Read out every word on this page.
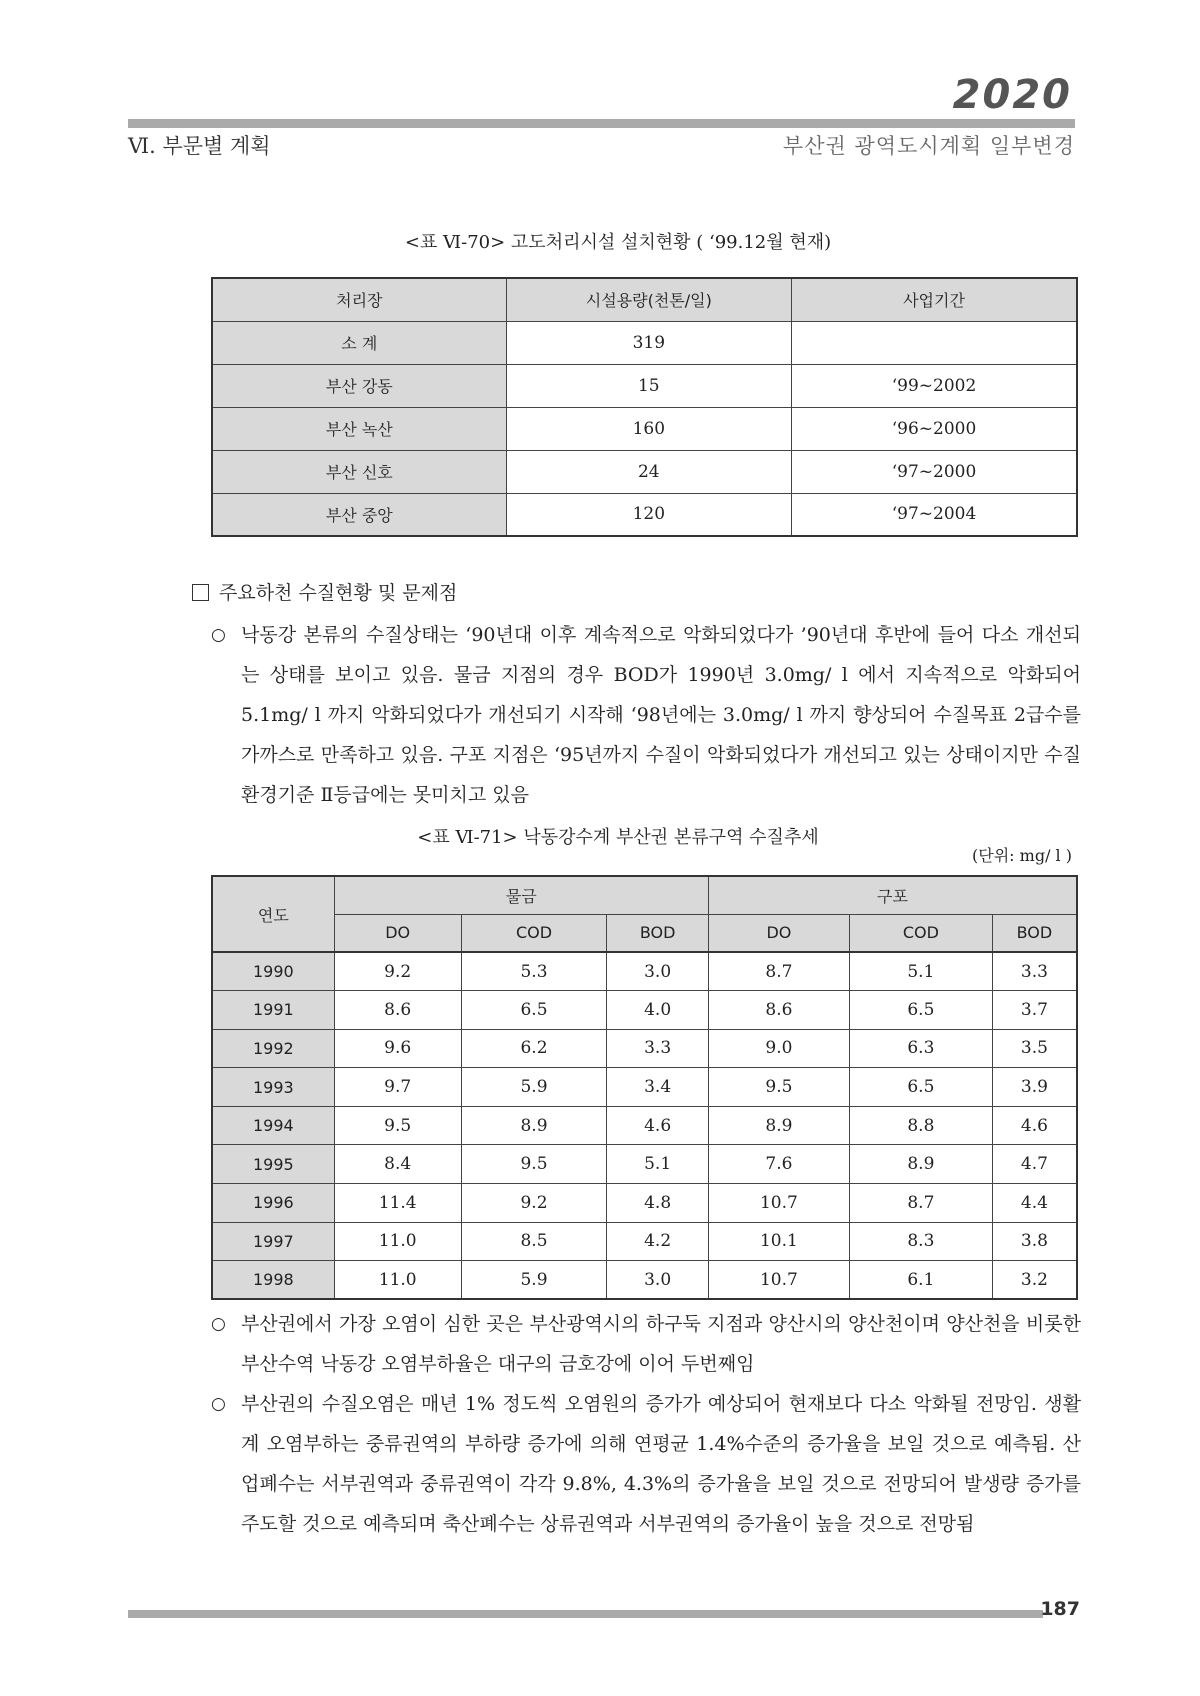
2020
Ⅵ. 부문별 계획	부산권 광역도시계획 일부변경
<표 Ⅵ-70> 고도처리시설 설치현황 ( ‘99.12월 현재)
처리장	시설용량(천톤/일)	사업기간
소 계	319	
부산 강동	15	‘99~2002
부산 녹산	160	‘96~2000
부산 신호	24	‘97~2000
부산 중앙	120	‘97~2004
주요하천 수질현황 및 문제점
○ 낙동강 본류의 수질상태는 ‘90년대 이후 계속적으로 악화되었다가 ’90년대 후반에 들어 다소 개선되는 상태를 보이고 있음. 물금 지점의 경우 BOD가 1990년 3.0mg/ l 에서 지속적으로 악화되어 5.1mg/ l 까지 악화되었다가 개선되기 시작해 ‘98년에는 3.0mg/ l 까지 향상되어 수질목표 2급수를 가까스로 만족하고 있음. 구포 지점은 ‘95년까지 수질이 악화되었다가 개선되고 있는 상태이지만 수질환경기준 Ⅱ등급에는 못미치고 있음
<표 Ⅵ-71> 낙동강수계 부산권 본류구역 수질추세
(단위: mg/ l )
연도	물금			구포		
	DO	COD	BOD	DO	COD	BOD
1990	9.2	5.3	3.0	8.7	5.1	3.3
1991	8.6	6.5	4.0	8.6	6.5	3.7
1992	9.6	6.2	3.3	9.0	6.3	3.5
1993	9.7	5.9	3.4	9.5	6.5	3.9
1994	9.5	8.9	4.6	8.9	8.8	4.6
1995	8.4	9.5	5.1	7.6	8.9	4.7
1996	11.4	9.2	4.8	10.7	8.7	4.4
1997	11.0	8.5	4.2	10.1	8.3	3.8
1998	11.0	5.9	3.0	10.7	6.1	3.2
○ 부산권에서 가장 오염이 심한 곳은 부산광역시의 하구둑 지점과 양산시의 양산천이며 양산천을 비롯한 부산수역 낙동강 오염부하율은 대구의 금호강에 이어 두번째임
○ 부산권의 수질오염은 매년 1% 정도씩 오염원의 증가가 예상되어 현재보다 다소 악화될 전망임. 생활계 오염부하는 중류권역의 부하량 증가에 의해 연평균 1.4%수준의 증가율을 보일 것으로 예측됨. 산업폐수는 서부권역과 중류권역이 각각 9.8%, 4.3%의 증가율을 보일 것으로 전망되어 발생량 증가를 주도할 것으로 예측되며 축산폐수는 상류권역과 서부권역의 증가율이 높을 것으로 전망됨
187
